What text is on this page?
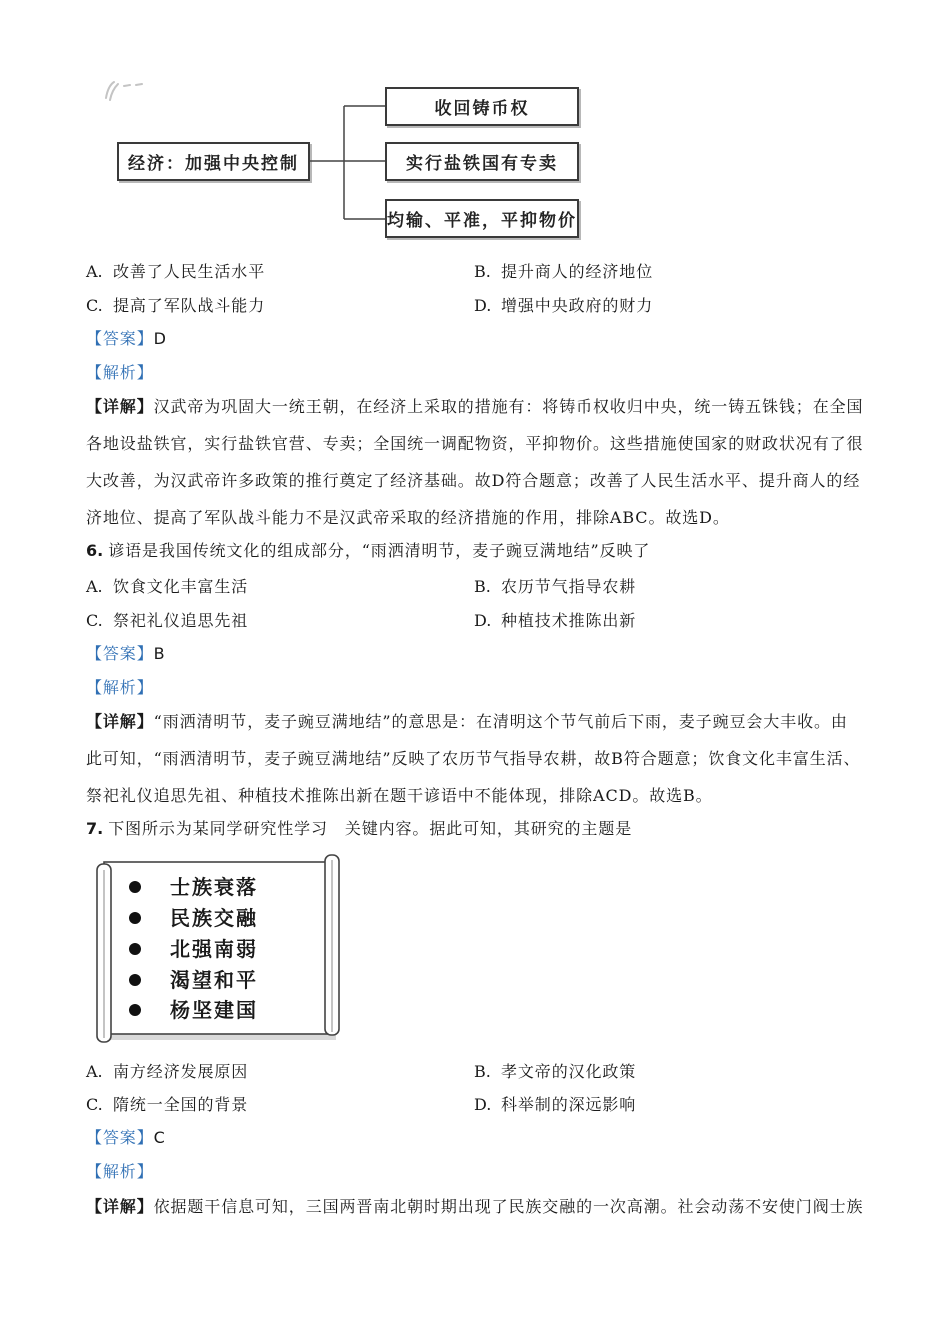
经济：加强中央控制
收回铸币权
实行盐铁国有专卖
均输、平准，平抑物价
A. 改善了人民生活水平	B. 提升商人的经济地位
C. 提高了军队战斗能力	D. 增强中央政府的财力
【答案】D
【解析】
【详解】汉武帝为巩固大一统王朝，在经济上采取的措施有：将铸币权收归中央，统一铸五铢钱；在全国
各地设盐铁官，实行盐铁官营、专卖；全国统一调配物资，平抑物价。这些措施使国家的财政状况有了很
大改善，为汉武帝许多政策的推行奠定了经济基础。故D符合题意；改善了人民生活水平、提升商人的经
济地位、提高了军队战斗能力不是汉武帝采取的经济措施的作用，排除ABC。故选D。
6. 谚语是我国传统文化的组成部分，“雨洒清明节，麦子豌豆满地结”反映了
A. 饮食文化丰富生活	B. 农历节气指导农耕
C. 祭祀礼仪追思先祖	D. 种植技术推陈出新
【答案】B
【解析】
【详解】“雨洒清明节，麦子豌豆满地结”的意思是：在清明这个节气前后下雨，麦子豌豆会大丰收。由
此可知，“雨洒清明节，麦子豌豆满地结”反映了农历节气指导农耕，故B符合题意；饮食文化丰富生活、
祭祀礼仪追思先祖、种植技术推陈出新在题干谚语中不能体现，排除ACD。故选B。
7. 下图所示为某同学研究性学习　关键内容。据此可知，其研究的主题是
士族衰落
民族交融
北强南弱
渴望和平
杨坚建国
A. 南方经济发展原因	B. 孝文帝的汉化政策
C. 隋统一全国的背景	D. 科举制的深远影响
【答案】C
【解析】
【详解】依据题干信息可知，三国两晋南北朝时期出现了民族交融的一次高潮。社会动荡不安使门阀士族
